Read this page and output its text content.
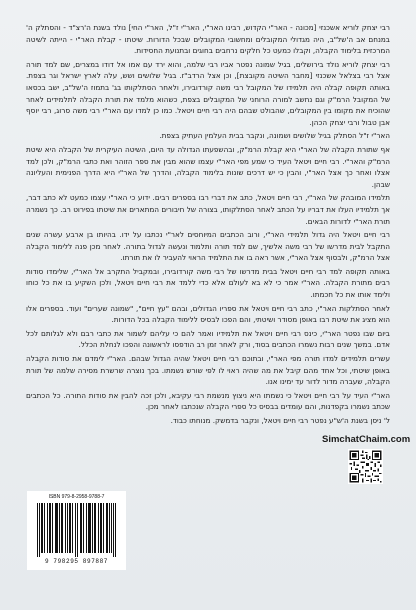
רבי יצחק לוריא אשכנזי [מכונה - האר"י הקדוש, רבינו האר"י, האר"י ז"ל, האר"י החי] נולד בשנת ה'רצ"ד - והסתלק ה' במנחם אב ה'של"ב, היה מגדולי המקובלים ומחשובי המקובלים שבכל הדורות. שיטתו - קבלת האר"י - הייתה לשיטה המרכזית בלימוד הקבלה, וקבלו כמעט כל חלקים נרחבים בחוגים ובתנועת החסידות.

רבי יצחק לוריא נולד בירושלים, בגיל שמונה נפטר אביו רבי שלמה, והוא ירד עם אמו אל דודו במצרים, שם למד תורה אצל רבי בצלאל אשכנזי [מחבר השיטה מקובצת], וכן אצל הרדב"ז. בגיל שלושים ושש, עלה לארץ ישראל וגר בצפת. באותה תקופה קבלה היה תלמידו של המקובל רבי משה קורדובירו, ולאחר הסתלקותו בג' בתמוז ה'של"ב, ישב בכסאו של המקובל הרמ"ק וגם נחשב למורה הרוחני של המקובלים בצפת, כשהוא מלמד את תורת הקבלה לתלמידים לאחר שהוכיח את מקומו בין המקובלים, שהבולט שבהם היה רבי חיים ויטאל. כמו כן למדו עם האר"י רבי משה סרוג, רבי יוסף אבן טבול ורבי יצחק הכהן.

האר"י ז"ל הסתלק בגיל שלושים ושמונה, ונקבר בבית העלמין העתיק בצפת.

אף שתורת הקבלה של האר"י היא קבלת הרמ"ק, ובהשפעתו הגדולה עד היום, השיטה העיקרית של הקבלה היא שיטת הרמ"ק והאר"י. רבי חיים ויטאל העיד כי שמע מפי האר"י עצמו שהוא מבין את ספר הזוהר ואת כתבי הרמ"ק, ולכן למד אצלו ואחר כך אצל האר"י, והבין כי יש דרכים שונות בלימוד הקבלה, והדרך של האר"י היא הדרך הפנימית והעליונה שבהן.

תלמידו המובהק של האר"י, רבי חיים ויטאל, כתב את דברי רבו בספרים רבים. ידוע כי האר"י עצמו כמעט לא כתב דבר, אך תלמידיו העלו את דבריו על הכתב לאחר הסתלקותו, בצורה של חיבורים המתארים את שיטתו בפירוט רב. כך נשמרה תורת האר"י לדורות הבאים.

רבי חיים ויטאל היה גדול תלמידי האר"י, ורוב הכתבים המיוחסים לאר"י נכתבו על ידו. בהיותו בן ארבע עשרה שנים התקבל לבית מדרשו של רבי משה אלשיך, שם למד תורה ותלמוד ונעשה לגדול בתורה. לאחר מכן פנה ללימוד הקבלה אצל הרמ"ק, ולבסוף אצל האר"י, אשר ראה בו את התלמיד הראוי להעביר לו את תורתו.

באותה תקופה למד רבי חיים ויטאל בבית מדרשו של רבי משה קורדובירו, ובמקביל התקרב אל האר"י, שלימדו סודות רבים מתורת הקבלה. האר"י אמר כי לא בא לעולם אלא כדי ללמד את רבי חיים ויטאל, ולכן השקיע בו את כל כוחו ולימד אותו את כל חכמתו.

לאחר הסתלקות האר"י, כתב רבי חיים ויטאל את ספריו הגדולים, ובהם "עץ חיים", "שמונה שערים" ועוד. בספרים אלו הוא מציג את שיטת רבו באופן מסודר ושיטתי, והם הפכו לבסיס ללימוד הקבלה בכל הדורות.

ביום שבו נפטר האר"י, כינס רבי חיים ויטאל את תלמידיו ואמר להם כי עליהם לשמור את כתבי רבם ולא לגלותם לכל אדם. במשך שנים רבות נשמרו הכתבים בסוד, ורק לאחר זמן רב הודפסו לראשונה והפכו לנחלת הכלל.

עשרים תלמידים למדו תורה מפי האר"י, ובתוכם רבי חיים ויטאל שהיה הגדול שבהם. האר"י לימדם את סודות הקבלה באופן שיטתי, וכל אחד מהם קיבל את מה שהיה ראוי לו לפי שורש נשמתו. בכך נוצרה שרשרת מסירה שלמה של תורת הקבלה, שעברה מדור לדור עד ימינו אנו.

האר"י העיד על רבי חיים ויטאל כי נשמתו היא ניצוץ מנשמת רבי עקיבא, ולכן זכה להבין את סודות התורה. כל הכתבים שכתב נשמרו בקפדנות, והם עומדים בבסיס כל ספרי הקבלה שנכתבו לאחר מכן.

ל' ניסן בשנת ה'ש"ע נפטר רבי חיים ויטאל, ונקבר בדמשק. מנוחתו כבוד.

SimchatChaim.com
ISBN 979-8-2958-9788-7
9 798295 897887
